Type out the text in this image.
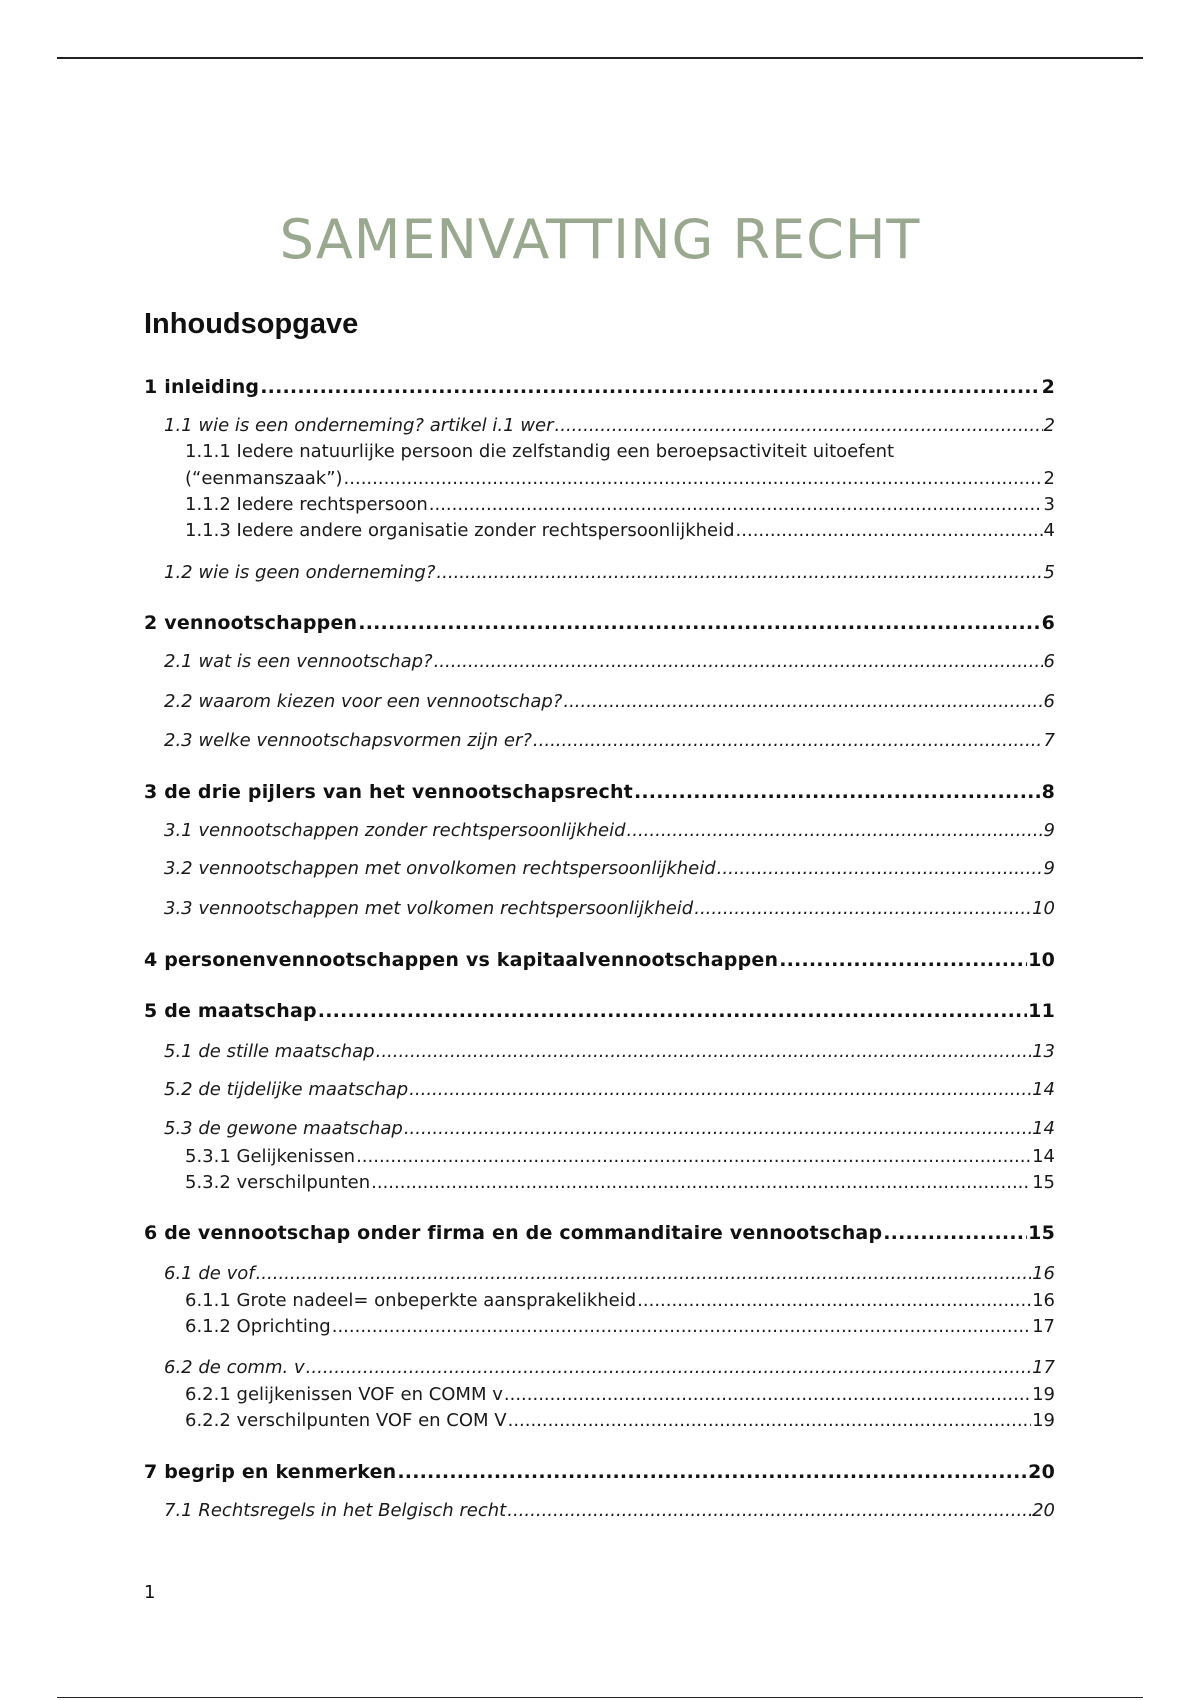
SAMENVATTING RECHT
Inhoudsopgave
1 inleiding .....	2
1.1 wie is een onderneming? artikel i.1 wer .....	2
1.1.1 Iedere natuurlijke persoon die zelfstandig een beroepsactiviteit uitoefent
(“eenmanszaak”) .....	2
1.1.2 Iedere rechtspersoon .....	3
1.1.3 Iedere andere organisatie zonder rechtspersoonlijkheid .....	4
1.2 wie is geen onderneming? .....	5
2 vennootschappen .....	6
2.1 wat is een vennootschap? .....	6
2.2 waarom kiezen voor een vennootschap? .....	6
2.3 welke vennootschapsvormen zijn er? .....	7
3 de drie pijlers van het vennootschapsrecht .....	8
3.1 vennootschappen zonder rechtspersoonlijkheid .....	9
3.2 vennootschappen met onvolkomen rechtspersoonlijkheid .....	9
3.3 vennootschappen met volkomen rechtspersoonlijkheid .....	10
4 personenvennootschappen vs kapitaalvennootschappen .....	10
5 de maatschap .....	11
5.1 de stille maatschap .....	13
5.2 de tijdelijke maatschap .....	14
5.3 de gewone maatschap .....	14
5.3.1 Gelijkenissen .....	14
5.3.2 verschilpunten .....	15
6 de vennootschap onder firma en de commanditaire vennootschap .....	15
6.1 de vof .....	16
6.1.1 Grote nadeel= onbeperkte aansprakelikheid .....	16
6.1.2 Oprichting .....	17
6.2 de comm. v .....	17
6.2.1 gelijkenissen VOF en COMM v .....	19
6.2.2 verschilpunten VOF en COM V .....	19
7 begrip en kenmerken .....	20
7.1 Rechtsregels in het Belgisch recht .....	20
1
